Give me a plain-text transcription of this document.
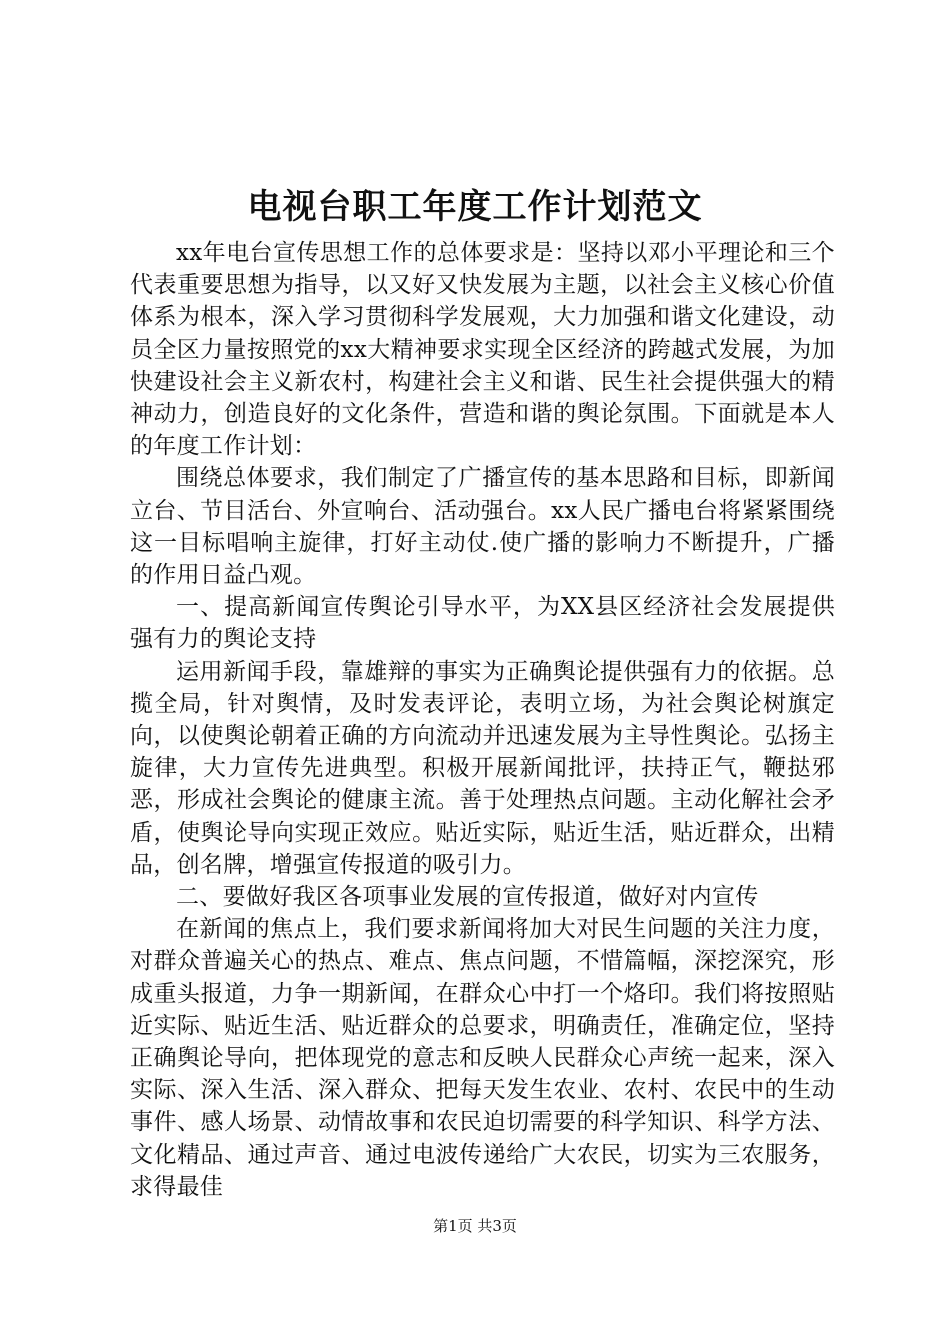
电视台职工年度工作计划范文

xx年电台宣传思想工作的总体要求是：坚持以邓小平理论和三个代表重要思想为指导，以又好又快发展为主题，以社会主义核心价值体系为根本，深入学习贯彻科学发展观，大力加强和谐文化建设，动员全区力量按照党的xx大精神要求实现全区经济的跨越式发展，为加快建设社会主义新农村，构建社会主义和谐、民生社会提供强大的精神动力，创造良好的文化条件，营造和谐的舆论氛围。下面就是本人的年度工作计划：

围绕总体要求，我们制定了广播宣传的基本思路和目标，即新闻立台、节目活台、外宣响台、活动强台。xx人民广播电台将紧紧围绕这一目标唱响主旋律，打好主动仗.使广播的影响力不断提升，广播的作用日益凸观。

一、提高新闻宣传舆论引导水平，为XX县区经济社会发展提供强有力的舆论支持

运用新闻手段，靠雄辩的事实为正确舆论提供强有力的依据。总揽全局，针对舆情，及时发表评论，表明立场，为社会舆论树旗定向，以使舆论朝着正确的方向流动并迅速发展为主导性舆论。弘扬主旋律，大力宣传先进典型。积极开展新闻批评，扶持正气，鞭挞邪恶，形成社会舆论的健康主流。善于处理热点问题。主动化解社会矛盾，使舆论导向实现正效应。贴近实际，贴近生活，贴近群众，出精品，创名牌，增强宣传报道的吸引力。

二、要做好我区各项事业发展的宣传报道，做好对内宣传

在新闻的焦点上，我们要求新闻将加大对民生问题的关注力度，对群众普遍关心的热点、难点、焦点问题，不惜篇幅，深挖深究，形成重头报道，力争一期新闻，在群众心中打一个烙印。我们将按照贴近实际、贴近生活、贴近群众的总要求，明确责任，准确定位，坚持正确舆论导向，把体现党的意志和反映人民群众心声统一起来，深入实际、深入生活、深入群众、把每天发生农业、农村、农民中的生动事件、感人场景、动情故事和农民迫切需要的科学知识、科学方法、文化精品、通过声音、通过电波传递给广大农民，切实为三农服务，求得最佳

第1页 共3页
